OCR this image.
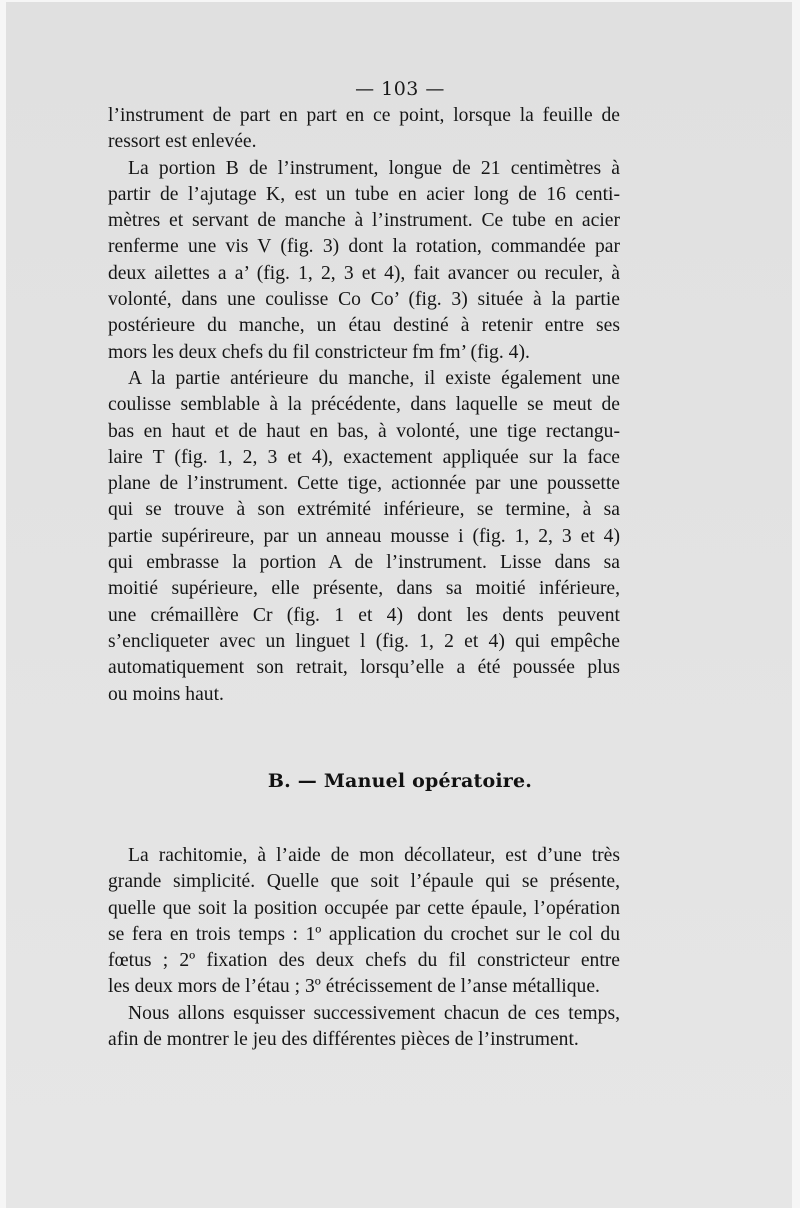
— 103 —
l’instrument de part en part en ce point, lorsque la feuille de
ressort est enlevée.
La portion B de l’instrument, longue de 21 centimètres à
partir de l’ajutage K, est un tube en acier long de 16 centi-
mètres et servant de manche à l’instrument. Ce tube en acier
renferme une vis V (fig. 3) dont la rotation, commandée par
deux ailettes a a’ (fig. 1, 2, 3 et 4), fait avancer ou reculer, à
volonté, dans une coulisse Co Co’ (fig. 3) située à la partie
postérieure du manche, un étau destiné à retenir entre ses
mors les deux chefs du fil constricteur fm fm’ (fig. 4).
A la partie antérieure du manche, il existe également une
coulisse semblable à la précédente, dans laquelle se meut de
bas en haut et de haut en bas, à volonté, une tige rectangu-
laire T (fig. 1, 2, 3 et 4), exactement appliquée sur la face
plane de l’instrument. Cette tige, actionnée par une poussette
qui se trouve à son extrémité inférieure, se termine, à sa
partie supérireure, par un anneau mousse i (fig. 1, 2, 3 et 4)
qui embrasse la portion A de l’instrument. Lisse dans sa
moitié supérieure, elle présente, dans sa moitié inférieure,
une crémaillère Cr (fig. 1 et 4) dont les dents peuvent
s’encliqueter avec un linguet l (fig. 1, 2 et 4) qui empêche
automatiquement son retrait, lorsqu’elle a été poussée plus
ou moins haut.
B. — Manuel opératoire.
La rachitomie, à l’aide de mon décollateur, est d’une très
grande simplicité. Quelle que soit l’épaule qui se présente,
quelle que soit la position occupée par cette épaule, l’opération
se fera en trois temps : 1º application du crochet sur le col du
fœtus ; 2º fixation des deux chefs du fil constricteur entre
les deux mors de l’étau ; 3º étrécissement de l’anse métallique.
Nous allons esquisser successivement chacun de ces temps,
afin de montrer le jeu des différentes pièces de l’instrument.
